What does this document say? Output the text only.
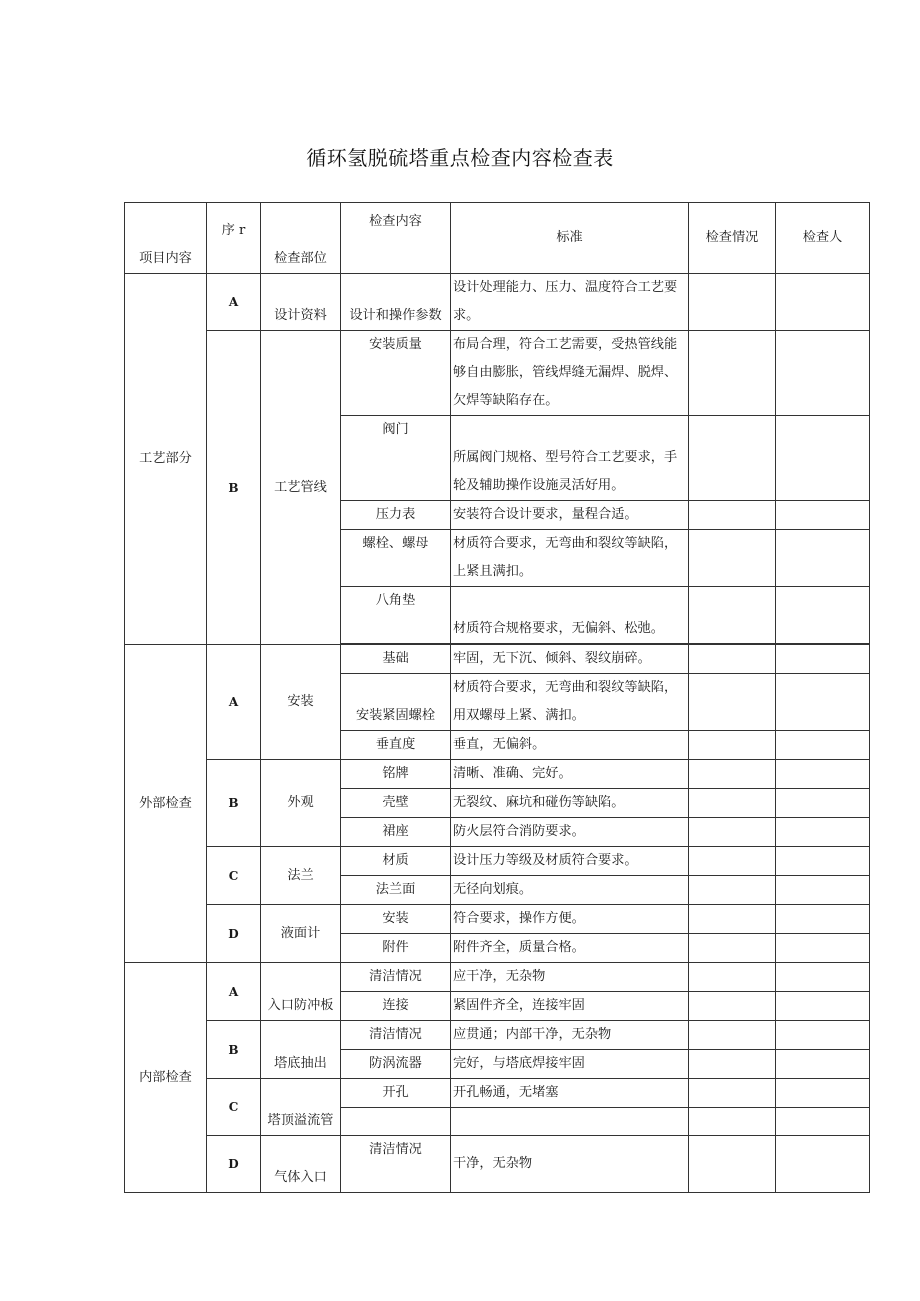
循环氢脱硫塔重点检查内容检查表
项目内容	序 r	检查部位	检查内容	标准	检查情况	检查人
工艺部分	A	设计资料	设计和操作参数	设计处理能力、压力、温度符合工艺要求。		
	B	工艺管线	安装质量	布局合理，符合工艺需要，受热管线能够自由膨胀，管线焊缝无漏焊、脱焊、欠焊等缺陷存在。		
			阀门	所属阀门规格、型号符合工艺要求，手轮及辅助操作设施灵活好用。		
			压力表	安装符合设计要求，量程合适。		
			螺栓、螺母	材质符合要求，无弯曲和裂纹等缺陷，上紧且满扣。		
			八角垫	材质符合规格要求，无偏斜、松弛。		

外部检查	A	安装	基础	牢固，无下沉、倾斜、裂纹崩碎。		
			安装紧固螺栓	材质符合要求，无弯曲和裂纹等缺陷，用双螺母上紧、满扣。		
			垂直度	垂直，无偏斜。		
	B	外观	铭牌	清晰、准确、完好。		
			壳壁	无裂纹、麻坑和碰伤等缺陷。		
			裙座	防火层符合消防要求。		
	C	法兰	材质	设计压力等级及材质符合要求。		
			法兰面	无径向划痕。		
	D	液面计	安装	符合要求，操作方便。		
			附件	附件齐全，质量合格。		
内部检查	A	入口防冲板	清洁情况	应干净，无杂物		
			连接	紧固件齐全，连接牢固		
	B	塔底抽出	清洁情况	应贯通；内部干净，无杂物		
			防涡流器	完好，与塔底焊接牢固		
	C	塔顶溢流管	开孔	开孔畅通，无堵塞		

	D	气体入口	清洁情况	干净，无杂物		
